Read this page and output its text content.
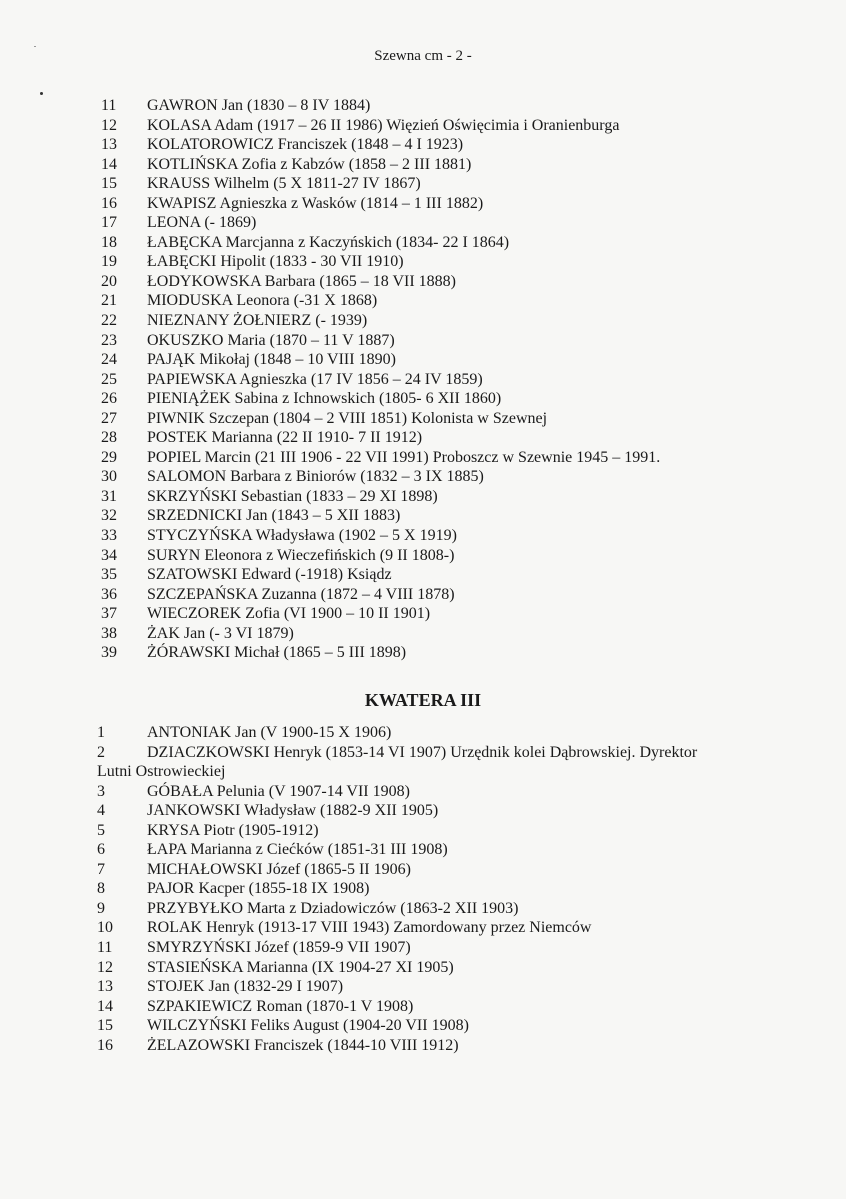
Szewna cm - 2 -
11 GAWRON Jan (1830 – 8 IV 1884)
12 KOLASA Adam (1917 – 26 II 1986) Więzień Oświęcimia i Oranienburga
13 KOLATOROWICZ Franciszek (1848 – 4 I 1923)
14 KOTLIŃSKA Zofia z Kabzów (1858 – 2 III 1881)
15 KRAUSS Wilhelm (5 X 1811-27 IV 1867)
16 KWAPISZ Agnieszka z Wasków (1814 – 1 III 1882)
17 LEONA (- 1869)
18 ŁABĘCKA Marcjanna z Kaczyńskich (1834- 22 I 1864)
19 ŁABĘCKI Hipolit (1833 - 30 VII 1910)
20 ŁODYKOWSKA Barbara (1865 – 18 VII 1888)
21 MIODUSKA Leonora (-31 X 1868)
22 NIEZNANY ŻOŁNIERZ (- 1939)
23 OKUSZKO Maria (1870 – 11 V 1887)
24 PAJĄK Mikołaj (1848 – 10 VIII 1890)
25 PAPIEWSKA Agnieszka (17 IV 1856 – 24 IV 1859)
26 PIENIĄŻEK Sabina z Ichnowskich (1805- 6 XII 1860)
27 PIWNIK Szczepan (1804 – 2 VIII 1851) Kolonista w Szewnej
28 POSTEK Marianna (22 II 1910- 7 II 1912)
29 POPIEL Marcin (21 III 1906 - 22 VII 1991) Proboszcz w Szewnie 1945 – 1991.
30 SALOMON Barbara z Biniorów (1832 – 3 IX 1885)
31 SKRZYŃSKI Sebastian (1833 – 29 XI 1898)
32 SRZEDNICKI Jan (1843 – 5 XII 1883)
33 STYCZYŃSKA Władysława (1902 – 5 X 1919)
34 SURYN Eleonora z Wieczefińskich (9 II 1808-)
35 SZATOWSKI Edward (-1918) Ksiądz
36 SZCZEPAŃSKA Zuzanna (1872 – 4 VIII 1878)
37 WIECZOREK Zofia (VI 1900 – 10 II 1901)
38 ŻAK Jan (- 3 VI 1879)
39 ŻÓRAWSKI Michał (1865 – 5 III 1898)
KWATERA III
1	ANTONIAK Jan (V 1900-15 X 1906)
2	DZIACZKOWSKI Henryk (1853-14 VI 1907) Urzędnik kolei Dąbrowskiej. Dyrektor
Lutni Ostrowieckiej
3	GÓBAŁA Pelunia (V 1907-14 VII 1908)
4	JANKOWSKI Władysław (1882-9 XII 1905)
5	KRYSA Piotr (1905-1912)
6	ŁAPA Marianna z Ciećków (1851-31 III 1908)
7	MICHAŁOWSKI Józef (1865-5 II 1906)
8	PAJOR Kacper (1855-18 IX 1908)
9	PRZYBYŁKO Marta z Dziadowiczów (1863-2 XII 1903)
10 ROLAK Henryk (1913-17 VIII 1943) Zamordowany przez Niemców
11 SMYRZYŃSKI Józef (1859-9 VII 1907)
12 STASIEŃSKA Marianna (IX 1904-27 XI 1905)
13 STOJEK Jan (1832-29 I 1907)
14 SZPAKIEWICZ Roman (1870-1 V 1908)
15 WILCZYŃSKI Feliks August (1904-20 VII 1908)
16 ŻELAZOWSKI Franciszek (1844-10 VIII 1912)
